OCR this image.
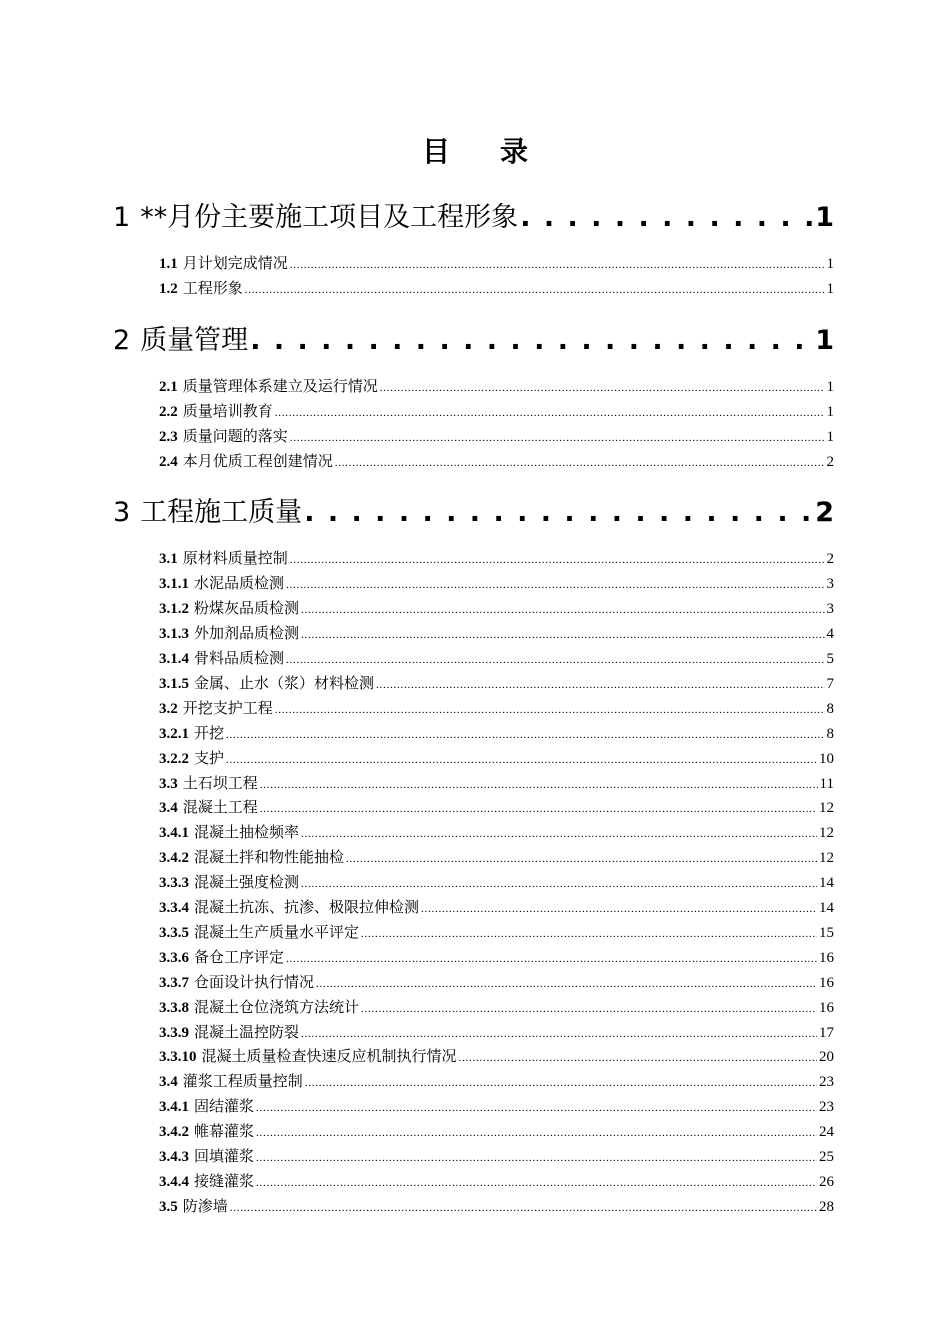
目录
1 **月份主要施工项目及工程形象 . . .	1
1.1 月计划完成情况 . . .	1
1.2 工程形象 . . .	1
2 质量管理 . . .	1
2.1 质量管理体系建立及运行情况 . . .	1
2.2 质量培训教育 . . .	1
2.3 质量问题的落实 . . .	1
2.4 本月优质工程创建情况 . . .	2
3 工程施工质量 . . .	2
3.1 原材料质量控制 . . .	2
3.1.1 水泥品质检测 . . .	3
3.1.2 粉煤灰品质检测 . . .	3
3.1.3 外加剂品质检测 . . .	4
3.1.4 骨料品质检测 . . .	5
3.1.5 金属、止水（浆）材料检测 . . .	7
3.2 开挖支护工程 . . .	8
3.2.1 开挖 . . .	8
3.2.2 支护 . . .	10
3.3 土石坝工程 . . .	11
3.4 混凝土工程 . . .	12
3.4.1 混凝土抽检频率 . . .	12
3.4.2 混凝土拌和物性能抽检 . . .	12
3.3.3 混凝土强度检测 . . .	14
3.3.4 混凝土抗冻、抗渗、极限拉伸检测 . . .	14
3.3.5 混凝土生产质量水平评定 . . .	15
3.3.6 备仓工序评定 . . .	16
3.3.7 仓面设计执行情况 . . .	16
3.3.8 混凝土仓位浇筑方法统计 . . .	16
3.3.9 混凝土温控防裂 . . .	17
3.3.10 混凝土质量检查快速反应机制执行情况 . . .	20
3.4 灌浆工程质量控制 . . .	23
3.4.1 固结灌浆 . . .	23
3.4.2 帷幕灌浆 . . .	24
3.4.3 回填灌浆 . . .	25
3.4.4 接缝灌浆 . . .	26
3.5 防渗墙 . . .	28
